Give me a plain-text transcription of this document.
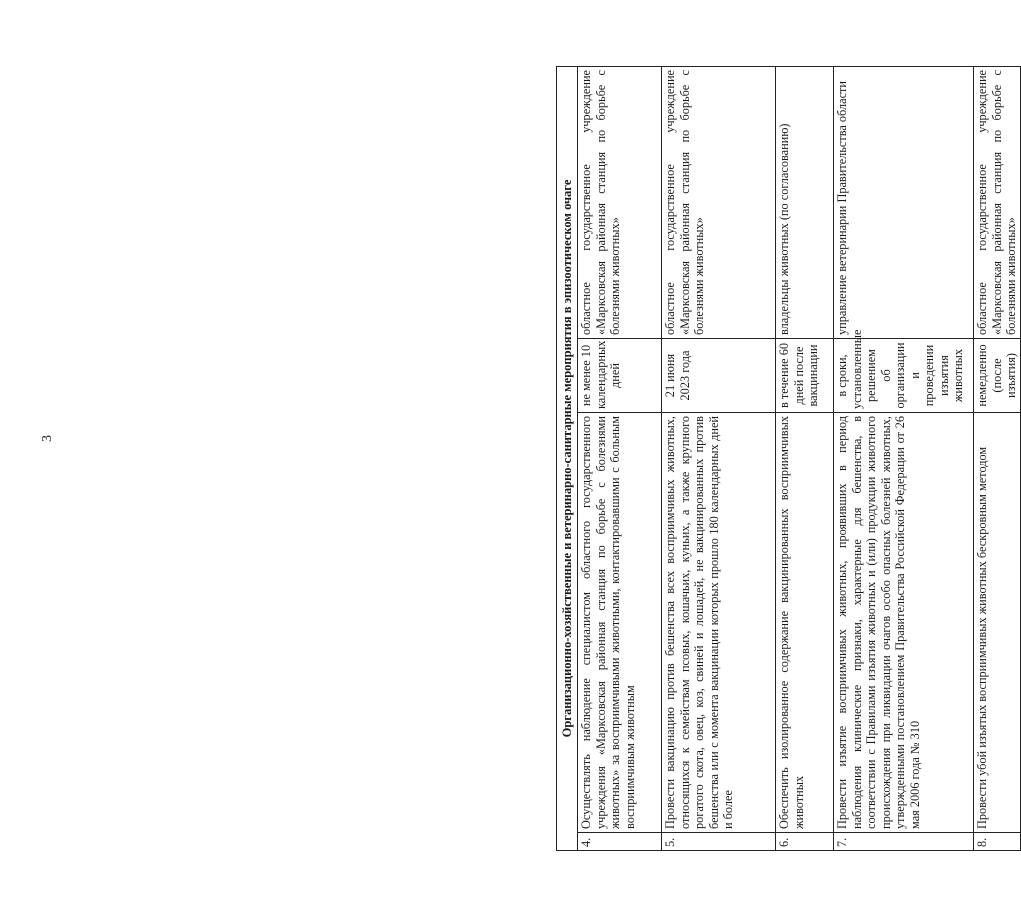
3	Организационно-хозяйственные и ветеринарно-санитарные мероприятия в эпизоотическом очаге			
4.	Осуществлять наблюдение специалистом областного государственного учреждения «Марксовская районная станция по борьбе с болезнями животных» за восприимчивыми животными, контактировавшими с больным восприимчивым животным	не менее 10 календарных дней	областное государственное учреждение «Марксовская районная станция по борьбе с болезнями животных»
5.	Провести вакцинацию против бешенства всех восприимчивых животных, относящихся к семействам псовых, кошачьих, куньих, а также крупного рогатого скота, овец, коз, свиней и лошадей, не вакцинированных против бешенства или с момента вакцинации которых прошло 180 календарных дней и более	21 июня 2023 года	областное государственное учреждение «Марксовская районная станция по борьбе с болезнями животных»
6.	Обеспечить изолированное содержание вакцинированных восприимчивых животных	в течение 60 дней после вакцинации	владельцы животных (по согласованию)
7.	Провести изъятие восприимчивых животных, проявивших в период наблюдения клинические признаки, характерные для бешенства, в соответствии с Правилами изъятия животных и (или) продукции животного происхождения при ликвидации очагов особо опасных болезней животных, утвержденными постановлением Правительства Российской Федерации от 26 мая 2006 года № 310	в сроки, установленные решением об организации и проведении изъятия животных	управление ветеринарии Правительства области
8.	Провести убой изъятых восприимчивых животных бескровным методом	немедленно (после изъятия)	областное государственное учреждение «Марксовская районная станция по борьбе с болезнями животных»
